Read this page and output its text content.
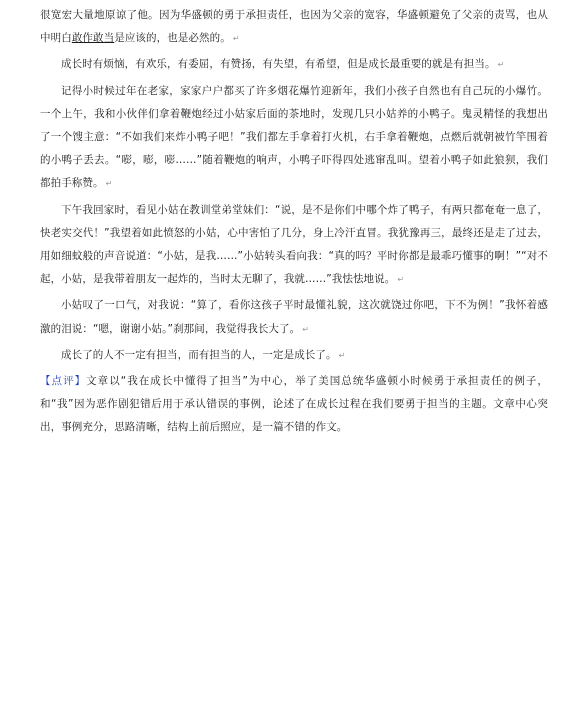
很宽宏大量地原谅了他。因为华盛顿的勇于承担责任，也因为父亲的宽容，华盛顿避免了父亲的责骂，也从中明白敢作敢当是应该的，也是必然的。 ↵

成长时有烦恼，有欢乐，有委屈，有赞扬，有失望，有希望，但是成长最重要的就是有担当。 ↵

记得小时候过年在老家，家家户户都买了许多烟花爆竹迎新年，我们小孩子自然也有自己玩的小爆竹。一个上午，我和小伙伴们拿着鞭炮经过小姑家后面的茶地时，发现几只小姑养的小鸭子。鬼灵精怪的我想出了一个馊主意：“不如我们来炸小鸭子吧！”我们都左手拿着打火机，右手拿着鞭炮，点燃后就朝被竹竿围着的小鸭子丢去。“嘭，嘭，嘭……”随着鞭炮的响声，小鸭子吓得四处逃窜乱叫。望着小鸭子如此狼狈，我们都拍手称赞。 ↵

下午我回家时，看见小姑在教训堂弟堂妹们：“说，是不是你们中哪个炸了鸭子，有两只都奄奄一息了，快老实交代！”我望着如此愤怒的小姑，心中害怕了几分，身上冷汗直冒。我犹豫再三，最终还是走了过去，用如细蚊般的声音说道：“小姑，是我……”小姑转头看向我：“真的吗？平时你都是最乖巧懂事的啊！”“对不起，小姑，是我带着朋友一起炸的，当时太无聊了，我就……”我怯怯地说。 ↵

小姑叹了一口气，对我说：“算了，看你这孩子平时最懂礼貌，这次就饶过你吧，下不为例！”我怀着感激的泪说：“嗯，谢谢小姑。”刹那间，我觉得我长大了。 ↵

成长了的人不一定有担当，而有担当的人，一定是成长了。 ↵

【点评】文章以“我在成长中懂得了担当”为中心，举了美国总统华盛顿小时候勇于承担责任的例子，和“我”因为恶作剧犯错后用于承认错误的事例，论述了在成长过程在我们要勇于担当的主题。文章中心突出，事例充分，思路清晰，结构上前后照应，是一篇不错的作文。
